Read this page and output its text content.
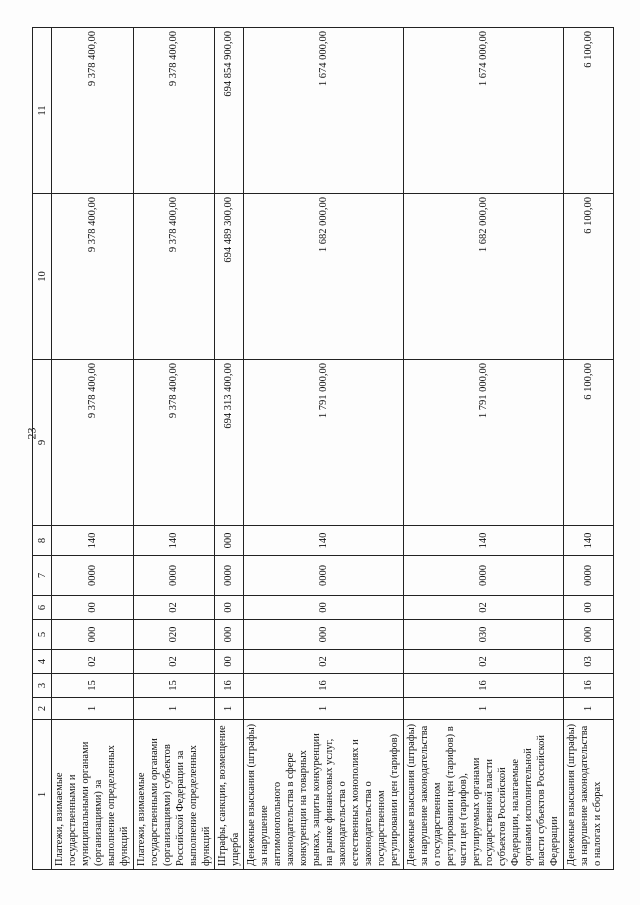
23
1	2	3	4	5	6	7	8	9	10	11
Платежи, взимаемые государственными и муниципальными органами (организациями) за выполнение определенных функций	1	15	02	000	00	0000	140	9 378 400,00	9 378 400,00	9 378 400,00
Платежи, взимаемые государственными органами (организациями) субъектов Российской Федерации за выполнение определенных функций	1	15	02	020	02	0000	140	9 378 400,00	9 378 400,00	9 378 400,00
Штрафы, санкции, возмещение ущерба	1	16	00	000	00	0000	000	694 313 400,00	694 489 300,00	694 854 900,00
Денежные взыскания (штрафы) за нарушение антимонопольного законодательства в сфере конкуренции на товарных рынках, защиты конкуренции на рынке финансовых услуг, законодательства о естественных монополиях и законодательства о государственном регулировании цен (тарифов)	1	16	02	000	00	0000	140	1 791 000,00	1 682 000,00	1 674 000,00
Денежные взыскания (штрафы) за нарушение законодательства о государственном регулировании цен (тарифов) в части цен (тарифов), регулируемых органами государственной власти субъектов Российской Федерации, налагаемые органами исполнительной власти субъектов Российской Федерации	1	16	02	030	02	0000	140	1 791 000,00	1 682 000,00	1 674 000,00
Денежные взыскания (штрафы) за нарушение законодательства о налогах и сборах	1	16	03	000	00	0000	140	6 100,00	6 100,00	6 100,00
